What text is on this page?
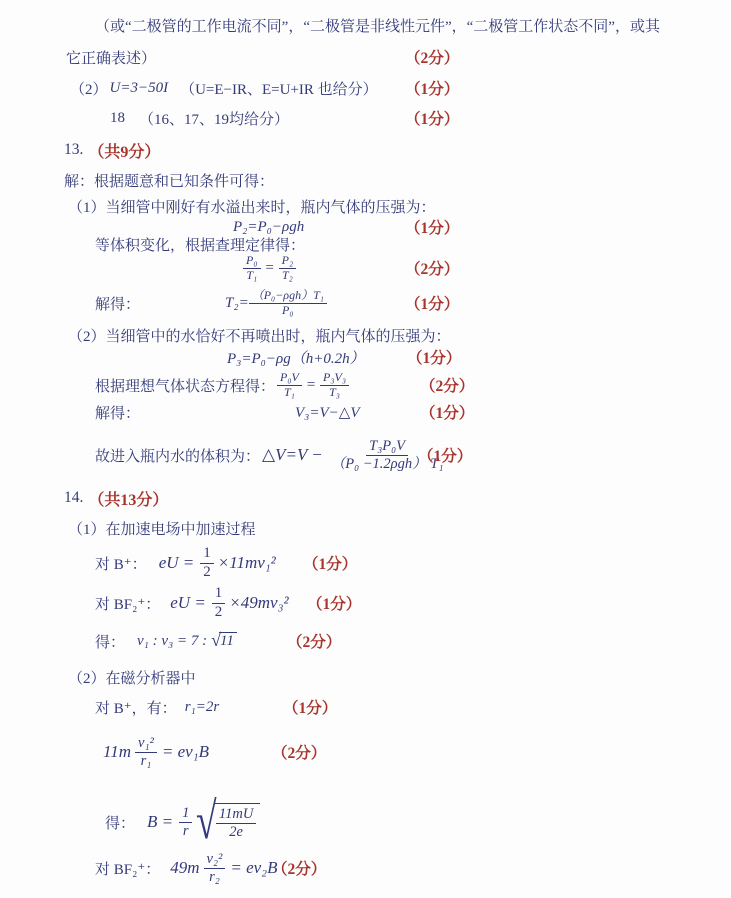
（或“二极管的工作电流不同”，“二极管是非线性元件”，“二极管工作状态不同”，或其
它正确表述）	（2分）
（2） U=3−50I （U=E−IR、E=U+IR 也给分） （1分）
18 （16、17、19均给分）	（1分）
13. （共9分）
解：根据题意和已知条件可得：
（1）当细管中刚好有水溢出来时，瓶内气体的压强为：
P₂=P₀−ρgh	（1分）
等体积变化，根据查理定律得：
$\frac{\text{P₀}}{\text{T₁}} = \frac{\text{P₂}}{\text{T₂}}$	（2分）
解得：	$T_2= \frac{\text{（P₀−ρgh）T₁}}{\text{P₀}}$	（1分）
（2）当细管中的水恰好不再喷出时，瓶内气体的压强为：
P₃=P₀−ρg（h+0.2h）	（1分）
根据理想气体状态方程得： $\frac{\text{P₀V}}{\text{T₁}} = \frac{\text{P₃V₃}}{\text{T₃}}$	（2分）
解得：	V₃=V−△V	（1分）
故进入瓶内水的体积为： △V=V − $\frac{\text{T₃P₀V}}{\text{（P₀ −1.2ρgh） T₁}}$
（1分）
14. （共13分）
（1）在加速电场中加速过程
对 B⁺： eU = $\frac{1}{2} \times 11mv_1^2$ （1分）
对 BF₂⁺： eU = $\frac{1}{2} \times 49mv_3^2$ （1分）
得： v₁ : v₃ = 7 : √ 11	（2分）
（2）在磁分析器中
对 B⁺，有： r₁=2r	（1分）
$11m \frac{\text{v₁²}}{\text{r₁}} = ev_1B$	（2分）
得： $B = \frac{1}{r}$ √
$\frac{11mU}{2e}$
对 BF₂⁺： $49m \frac{\text{v₂²}}{\text{r₂}} = ev_2B$
（2分）
